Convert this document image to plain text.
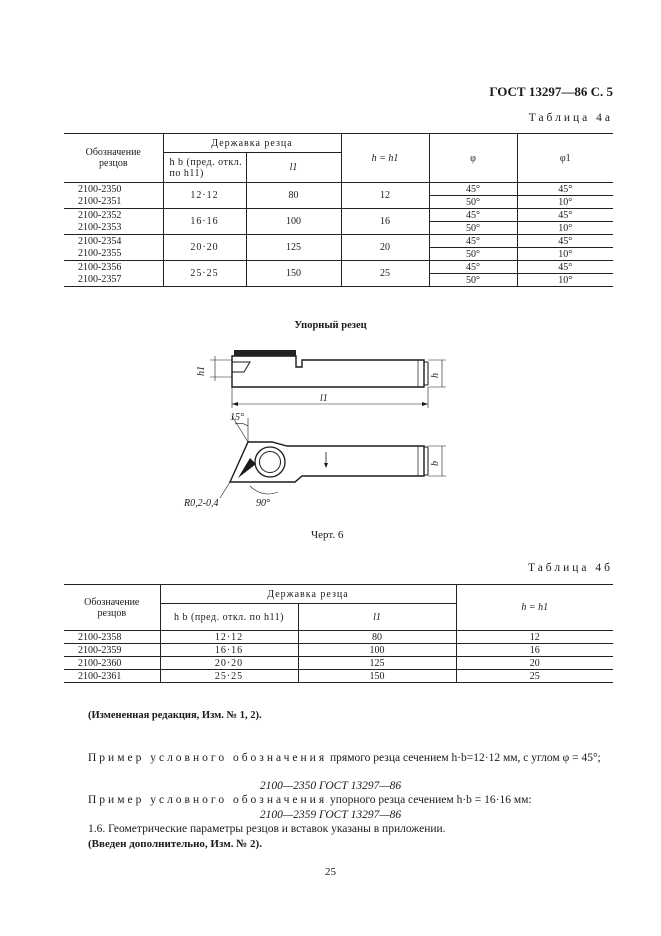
ГОСТ 13297—86 С. 5
Таблица 4а
Обозначение резцов	Державка резца		h = h1	φ	φ1
	h b (пред. откл. по h11)	l1			
2100-2350	12·12	80	12	45°	45°
2100-2351				50°	10°
2100-2352	16·16	100	16	45°	45°
2100-2353				50°	10°
2100-2354	20·20	125	20	45°	45°
2100-2355				50°	10°
2100-2356	25·25	150	25	45°	45°
2100-2357				50°	10°
Упорный резец
h1	h
l1
15°
b
R0,2-0,4	90°
Черт. 6
Таблица 4б
Обозначение резцов	Державка резца		h = h1
	h b (пред. откл. по h11)	l1	
2100-2358	12·12	80	12
2100-2359	16·16	100	16
2100-2360	20·20	125	20
2100-2361	25·25	150	25
(Измененная редакция, Изм. № 1, 2).
Пример условного обозначения прямого резца сечением h·b=12·12 мм, с углом φ = 45°;
2100—2350 ГОСТ 13297—86
Пример условного обозначения упорного резца сечением h·b = 16·16 мм:
2100—2359 ГОСТ 13297—86
1.6. Геометрические параметры резцов и вставок указаны в приложении.
(Введен дополнительно, Изм. № 2).
25
